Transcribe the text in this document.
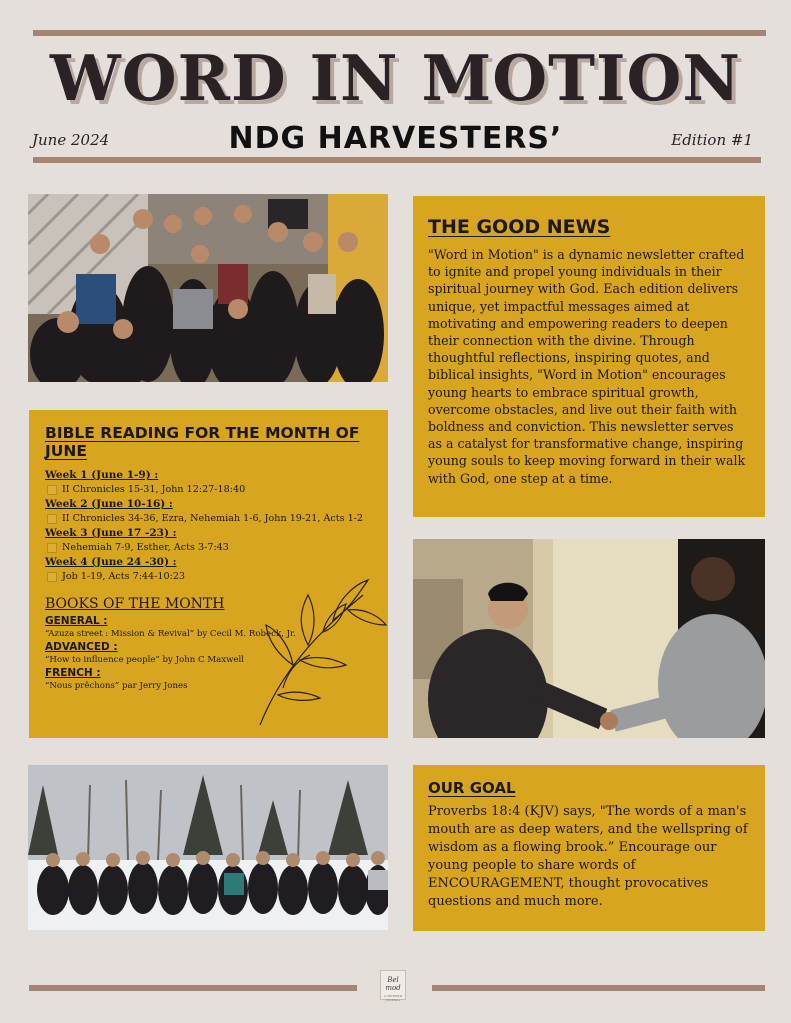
WORD IN MOTION
June 2024	NDG HARVESTERS’	Edition #1
THE GOOD NEWS
"Word in Motion" is a dynamic newsletter crafted to ignite and propel young individuals in their spiritual journey with God. Each edition delivers unique, yet impactful messages aimed at motivating and empowering readers to deepen their connection with the divine. Through thoughtful reflections, inspiring quotes, and biblical insights, "Word in Motion" encourages young hearts to embrace spiritual growth, overcome obstacles, and live out their faith with boldness and conviction. This newsletter serves as a catalyst for transformative change, inspiring young souls to keep moving forward in their walk with God, one step at a time.
BIBLE READING FOR THE MONTH OF JUNE
Week 1 (June 1-9) :
II Chronicles 15-31, John 12:27-18:40
Week 2 (June 10-16) :
II Chronicles 34-36, Ezra, Nehemiah 1-6, John 19-21, Acts 1-2
Week 3 (June 17 -23) :
Nehemiah 7-9, Esther, Acts 3-7:43
Week 4 (June 24 -30) :
Job 1-19, Acts 7:44-10:23
BOOKS OF THE MONTH
GENERAL :
“Azuza street : Mission & Revival” by Cecil M. Robeck, Jr.
ADVANCED :
“How to influence people” by John C Maxwell
FRENCH :
“Nous prêchons” par Jerry Jones
OUR GOAL
Proverbs 18:4 (KJV) says, "The words of a man's mouth are as deep waters, and the wellspring of wisdom as a flowing brook.” Encourage our young people to share words of ENCOURAGEMENT, thought provocatives questions and much more.
Bel mod
A MODERN JOURNAL
